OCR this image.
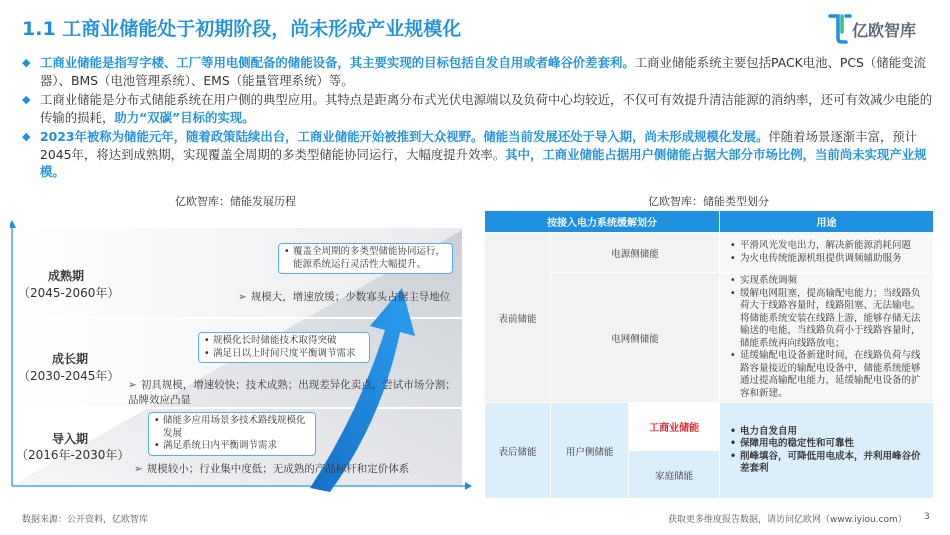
1.1 工商业储能处于初期阶段，尚未形成产业规模化	亿欧智库
◆ 工商业储能是指写字楼、工厂等用电侧配备的储能设备，其主要实现的目标包括自发自用或者峰谷价差套利。工商业储能系统主要包括PACK电池、PCS（储能变流器）、BMS（电池管理系统）、EMS（能量管理系统）等。
◆ 工商业储能是分布式储能系统在用户侧的典型应用。其特点是距离分布式光伏电源端以及负荷中心均较近，不仅可有效提升清洁能源的消纳率，还可有效减少电能的传输的损耗，助力“双碳”目标的实现。
◆ 2023年被称为储能元年，随着政策陆续出台，工商业储能开始被推到大众视野。储能当前发展还处于导入期，尚未形成规模化发展。伴随着场景逐渐丰富，预计2045年，将达到成熟期，实现覆盖全周期的多类型储能协同运行，大幅度提升效率。其中，工商业储能占据用户侧储能占据大部分市场比例，当前尚未实现产业规模。
亿欧智库：储能发展历程
成熟期
（2045-2060年）
• 覆盖全周期的多类型储能协同运行，能源系统运行灵活性大幅提升。
➢ 规模大，增速放缓；少数寡头占据主导地位
成长期
（2030-2045年）
• 规模化长时储能技术取得突破
• 满足日以上时间尺度平衡调节需求
➢ 初具规模，增速较快；技术成熟；出现差异化卖点，尝试市场分割；品牌效应凸显
导入期
（2016年-2030年）
• 储能多应用场景多技术路线规模化发展
• 满足系统日内平衡调节需求
➢ 规模较小；行业集中度低；无成熟的产品标杆和定价体系
亿欧智库：储能类型划分
按接入电力系统缓解划分			用途
表前储能	电源侧储能		• 平滑风光发电出力，解决新能源消耗问题
• 为火电传统能源机组提供调频辅助服务

	电网侧储能		• 实现系统调频
• 缓解电网阻塞，提高输配电能力；当线路负荷大于线路容量时，线路阻塞、无法输电。将储能系统安装在线路上游，能够存储无法输送的电能，当线路负荷小于线路容量时，储能系统再向线路放电；
• 延缓输配电设备新建时间，在线路负荷与线路容量接近的输配电设备中，储能系统能够通过提高输配电能力，延缓输配电设备的扩容和新建。

表后储能	用户侧储能	工商业储能	• 电力自发自用
• 保障用电的稳定性和可靠性
• 削峰填谷，可降低用电成本，并利用峰谷价差套利

		家庭储能	
数据来源：公开资料，亿欧智库	获取更多维度报告数据，请访问亿欧网（www.iyiou.com） 3
